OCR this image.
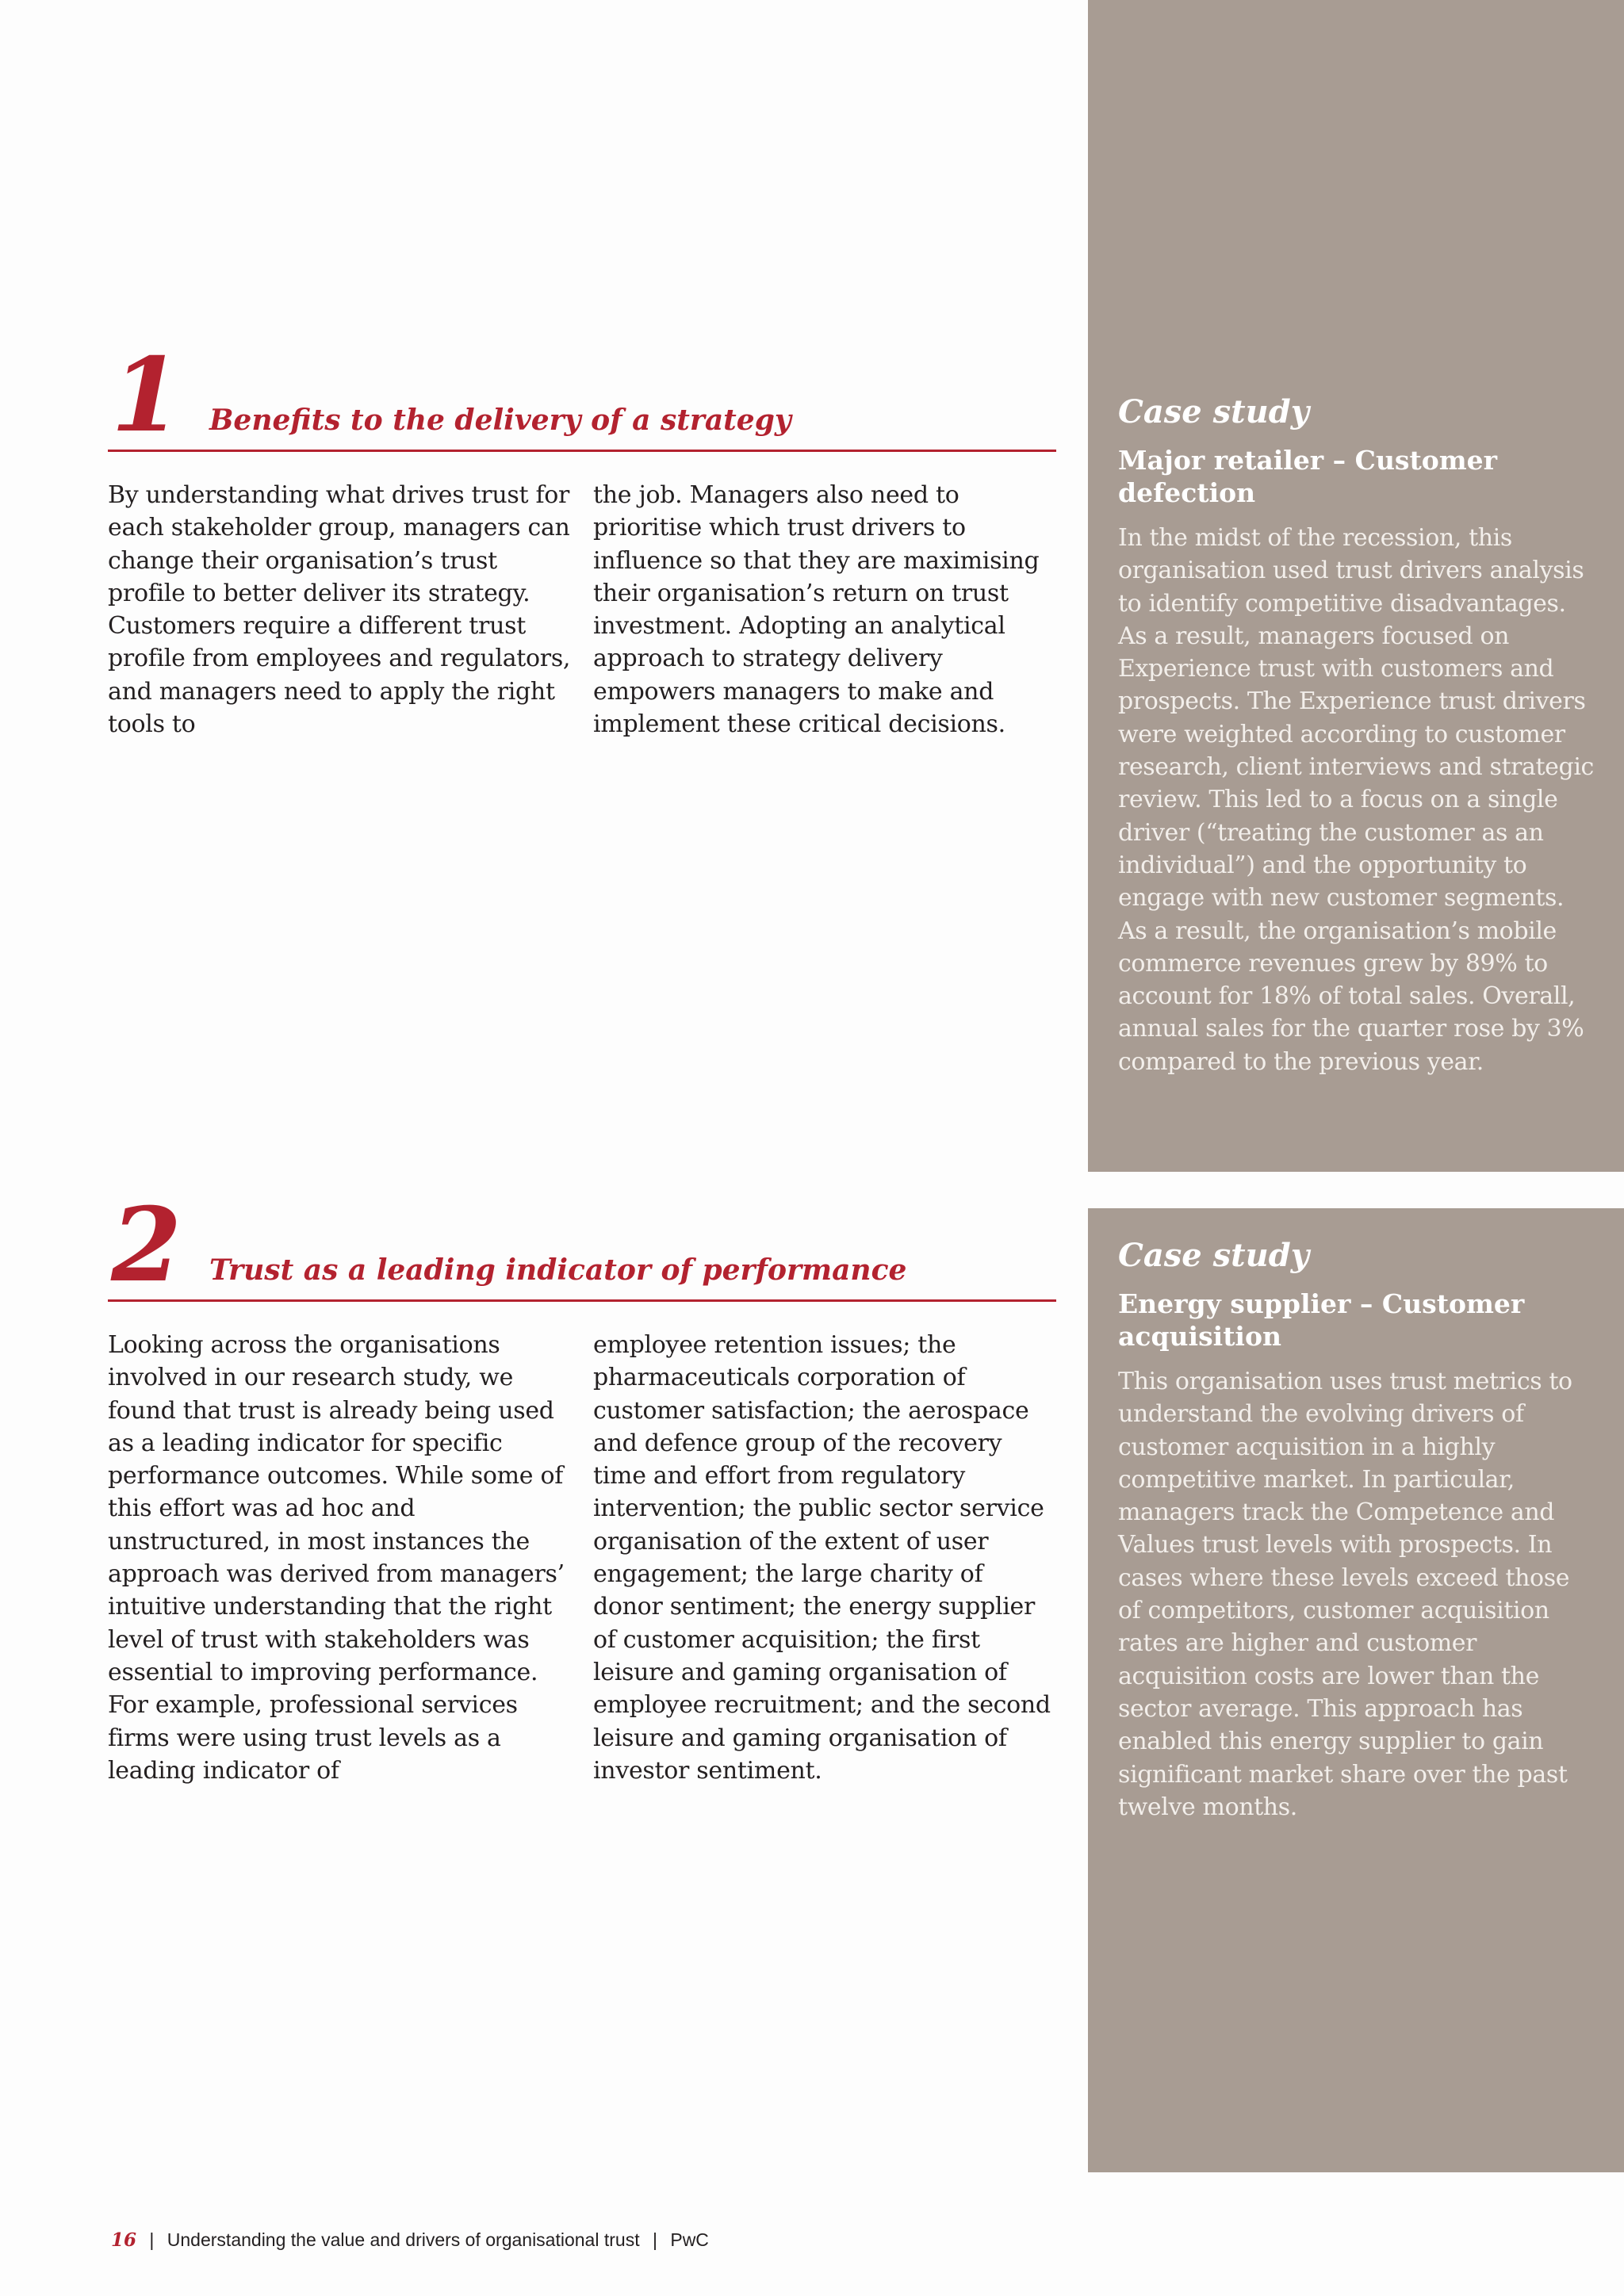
1 Benefits to the delivery of a strategy

By understanding what drives trust for each stakeholder group, managers can change their organisation’s trust profile to better deliver its strategy. Customers require a different trust profile from employees and regulators, and managers need to apply the right tools to

the job. Managers also need to prioritise which trust drivers to influence so that they are maximising their organisation’s return on trust investment. Adopting an analytical approach to strategy delivery empowers managers to make and implement these critical decisions.

2 Trust as a leading indicator of performance

Looking across the organisations involved in our research study, we found that trust is already being used as a leading indicator for specific performance outcomes. While some of this effort was ad hoc and unstructured, in most instances the approach was derived from managers’ intuitive understanding that the right level of trust with stakeholders was essential to improving performance. For example, professional services firms were using trust levels as a leading indicator of

employee retention issues; the pharmaceuticals corporation of customer satisfaction; the aerospace and defence group of the recovery time and effort from regulatory intervention; the public sector service organisation of the extent of user engagement; the large charity of donor sentiment; the energy supplier of customer acquisition; the first leisure and gaming organisation of employee recruitment; and the second leisure and gaming organisation of investor sentiment.

Case study
Major retailer – Customer defection
In the midst of the recession, this organisation used trust drivers analysis to identify competitive disadvantages. As a result, managers focused on Experience trust with customers and prospects. The Experience trust drivers were weighted according to customer research, client interviews and strategic review. This led to a focus on a single driver (“treating the customer as an individual”) and the opportunity to engage with new customer segments. As a result, the organisation’s mobile commerce revenues grew by 89% to account for 18% of total sales. Overall, annual sales for the quarter rose by 3% compared to the previous year.
Case study
Energy supplier – Customer acquisition
This organisation uses trust metrics to understand the evolving drivers of customer acquisition in a highly competitive market. In particular, managers track the Competence and Values trust levels with prospects. In cases where these levels exceed those of competitors, customer acquisition rates are higher and customer acquisition costs are lower than the sector average. This approach has enabled this energy supplier to gain significant market share over the past twelve months.
16 | Understanding the value and drivers of organisational trust | PwC
